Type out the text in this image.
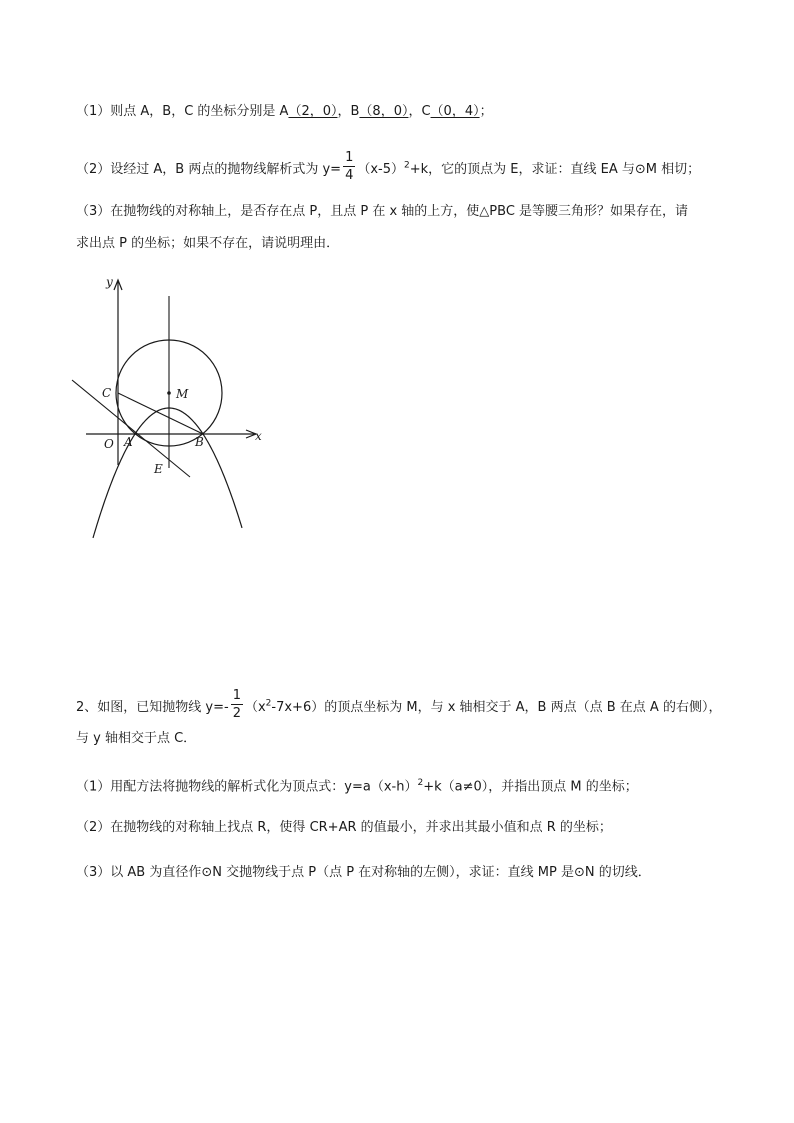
（1）则点 A，B，C 的坐标分别是 A（2，0），B（8，0），C（0，4）；
（2）设经过 A，B 两点的抛物线解析式为 $y= \frac{1}{4} (x-5)^2+k$，它的顶点为 E，求证：直线 EA 与⊙M 相切；
（3）在抛物线的对称轴上，是否存在点 P，且点 P 在 x 轴的上方，使△PBC 是等腰三角形？如果存在，请
求出点 P 的坐标；如果不存在，请说明理由．
y
x
C	M
O A	B
E
2、如图，已知抛物线 $y=- \frac{1}{2} (x^2-7x+6)$的顶点坐标为 M，与 x 轴相交于 A，B 两点（点 B 在点 A 的右侧），
与 y 轴相交于点 C．
（1）用配方法将抛物线的解析式化为顶点式：$y=a(x-h)^2+k(a\ne 0)$，并指出顶点 M 的坐标；
（2）在抛物线的对称轴上找点 R，使得 CR+AR 的值最小，并求出其最小值和点 R 的坐标；
（3）以 AB 为直径作⊙N 交抛物线于点 P（点 P 在对称轴的左侧），求证：直线 MP 是⊙N 的切线．
